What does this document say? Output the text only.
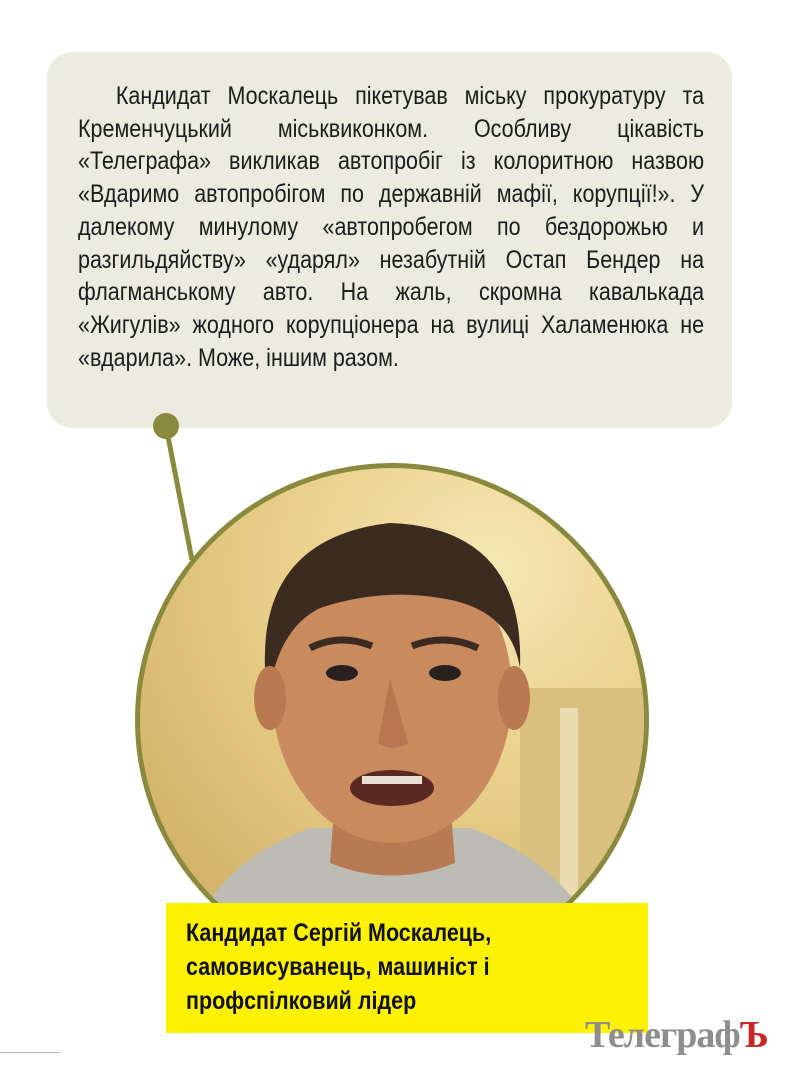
Кандидат Москалець пікетував міську прокуратуру та Кременчуцький міськвиконком. Особливу цікавість «Телеграфа» викликав автопробіг із колоритною назвою «Вдаримо автопробігом по державній мафії, корупції!». У далекому минулому «автопробегом по бездорожью и разгильдяйству» «ударял» незабутній Остап Бендер на флагманському авто. На жаль, скромна кавалькада «Жигулів» жодного корупціонера на вулиці Халаменюка не «вдарила». Може, іншим разом.
Кандидат Сергій Москалець,
самовисуванець, машиніст і
профспілковий лідер
ТелеграфЪ
